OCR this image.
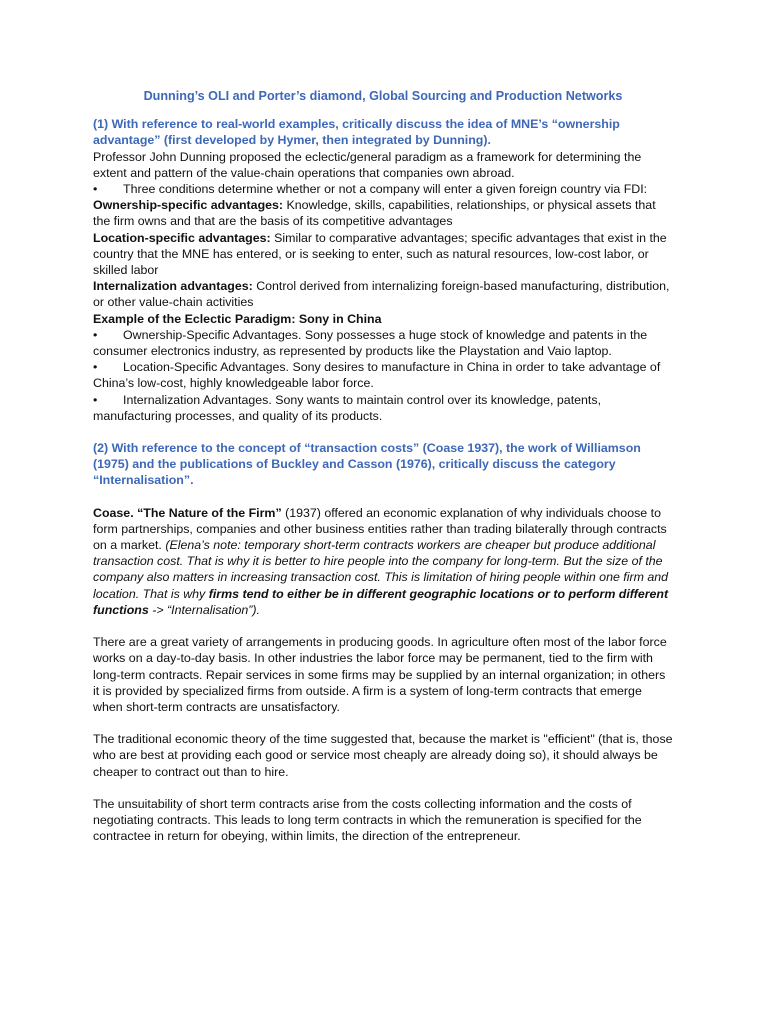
Dunning’s OLI and Porter’s diamond, Global Sourcing and Production Networks

(1) With reference to real-world examples, critically discuss the idea of MNE’s “ownership advantage” (first developed by Hymer, then integrated by Dunning).

Professor John Dunning proposed the eclectic/general paradigm as a framework for determining the extent and pattern of the value-chain operations that companies own abroad.

• Three conditions determine whether or not a company will enter a given foreign country via FDI:

Ownership-specific advantages: Knowledge, skills, capabilities, relationships, or physical assets that the firm owns and that are the basis of its competitive advantages

Location-specific advantages: Similar to comparative advantages; specific advantages that exist in the country that the MNE has entered, or is seeking to enter, such as natural resources, low-cost labor, or skilled labor

Internalization advantages: Control derived from internalizing foreign-based manufacturing, distribution, or other value-chain activities

Example of the Eclectic Paradigm: Sony in China

• Ownership-Specific Advantages. Sony possesses a huge stock of knowledge and patents in the consumer electronics industry, as represented by products like the Playstation and Vaio laptop.

• Location-Specific Advantages. Sony desires to manufacture in China in order to take advantage of China’s low-cost, highly knowledgeable labor force.

• Internalization Advantages. Sony wants to maintain control over its knowledge, patents, manufacturing processes, and quality of its products.

(2) With reference to the concept of “transaction costs” (Coase 1937), the work of Williamson (1975) and the publications of Buckley and Casson (1976), critically discuss the category “Internalisation”.

Coase. “The Nature of the Firm” (1937) offered an economic explanation of why individuals choose to form partnerships, companies and other business entities rather than trading bilaterally through contracts on a market. (Elena’s note: temporary short-term contracts workers are cheaper but produce additional transaction cost. That is why it is better to hire people into the company for long-term. But the size of the company also matters in increasing transaction cost. This is limitation of hiring people within one firm and location. That is why firms tend to either be in different geographic locations or to perform different functions -> “Internalisation”).

There are a great variety of arrangements in producing goods. In agriculture often most of the labor force works on a day-to-day basis. In other industries the labor force may be permanent, tied to the firm with long-term contracts. Repair services in some firms may be supplied by an internal organization; in others it is provided by specialized firms from outside. A firm is a system of long-term contracts that emerge when short-term contracts are unsatisfactory.

The traditional economic theory of the time suggested that, because the market is "efficient" (that is, those who are best at providing each good or service most cheaply are already doing so), it should always be cheaper to contract out than to hire.

The unsuitability of short term contracts arise from the costs collecting information and the costs of negotiating contracts. This leads to long term contracts in which the remuneration is specified for the contractee in return for obeying, within limits, the direction of the entrepreneur.
